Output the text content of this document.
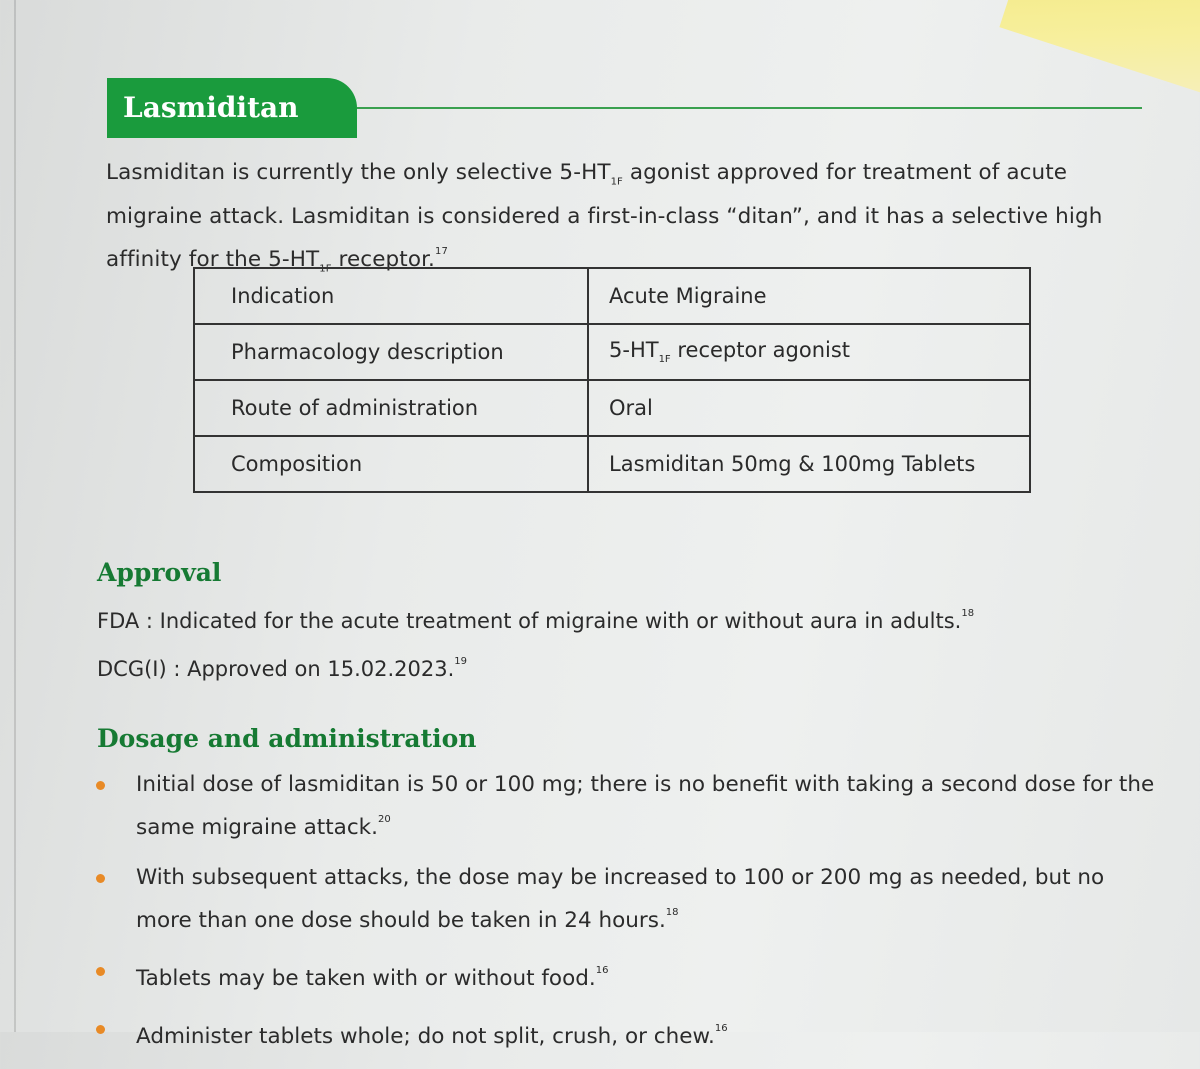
Lasmiditan
Lasmiditan is currently the only selective $5-HT_{1F}$ agonist approved for treatment of acute migraine attack. Lasmiditan is considered a first-in-class “ditan”, and it has a selective high affinity for the $5-HT_{1F}$ receptor.$^{17}$
Indication	Acute Migraine
Pharmacology description	$5-HT_{1F}$ receptor agonist
Route of administration	Oral
Composition	Lasmiditan 50mg & 100mg Tablets
Approval
FDA : Indicated for the acute treatment of migraine with or without aura in adults.$^{18}$
DCG(I) : Approved on 15.02.2023.19
Dosage and administration
Initial dose of lasmiditan is 50 or 100 mg; there is no benefit with taking a second dose for the same migraine attack.$^{20}$
With subsequent attacks, the dose may be increased to 100 or 200 mg as needed, but no more than one dose should be taken in 24 hours.$^{18}$
Tablets may be taken with or without food.$^{16}$
Administer tablets whole; do not split, crush, or chew.$^{16}$
